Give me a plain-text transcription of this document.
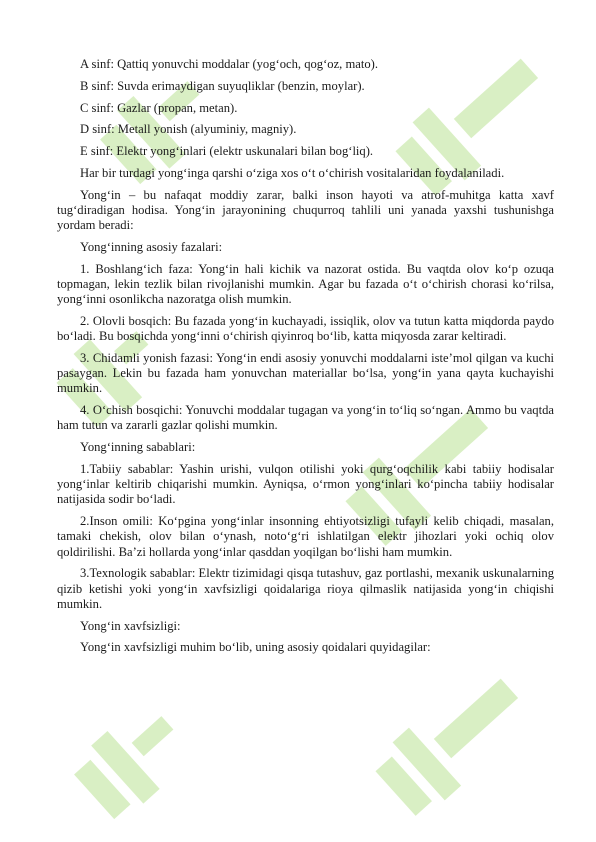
A sinf: Qattiq yonuvchi moddalar (yog‘och, qog‘oz, mato).

B sinf: Suvda erimaydigan suyuqliklar (benzin, moylar).

C sinf: Gazlar (propan, metan).

D sinf: Metall yonish (alyuminiy, magniy).

E sinf: Elektr yong‘inlari (elektr uskunalari bilan bog‘liq).

Har bir turdagi yong‘inga qarshi o‘ziga xos o‘t o‘chirish vositalaridan foydalaniladi.

Yong‘in – bu nafaqat moddiy zarar, balki inson hayoti va atrof-muhitga katta xavf tug‘diradigan hodisa. Yong‘in jarayonining chuqurroq tahlili uni yanada yaxshi tushunishga yordam beradi:

Yong‘inning asosiy fazalari:

1. Boshlang‘ich faza: Yong‘in hali kichik va nazorat ostida. Bu vaqtda olov ko‘p ozuqa topmagan, lekin tezlik bilan rivojlanishi mumkin. Agar bu fazada o‘t o‘chirish chorasi ko‘rilsa, yong‘inni osonlikcha nazoratga olish mumkin.

2. Olovli bosqich: Bu fazada yong‘in kuchayadi, issiqlik, olov va tutun katta miqdorda paydo bo‘ladi. Bu bosqichda yong‘inni o‘chirish qiyinroq bo‘lib, katta miqyosda zarar keltiradi.

3. Chidamli yonish fazasi: Yong‘in endi asosiy yonuvchi moddalarni iste’mol qilgan va kuchi pasaygan. Lekin bu fazada ham yonuvchan materiallar bo‘lsa, yong‘in yana qayta kuchayishi mumkin.

4. O‘chish bosqichi: Yonuvchi moddalar tugagan va yong‘in to‘liq so‘ngan. Ammo bu vaqtda ham tutun va zararli gazlar qolishi mumkin.

Yong‘inning sabablari:

1.Tabiiy sabablar: Yashin urishi, vulqon otilishi yoki qurg‘oqchilik kabi tabiiy hodisalar yong‘inlar keltirib chiqarishi mumkin. Ayniqsa, o‘rmon yong‘inlari ko‘pincha tabiiy hodisalar natijasida sodir bo‘ladi.

2.Inson omili: Ko‘pgina yong‘inlar insonning ehtiyotsizligi tufayli kelib chiqadi, masalan, tamaki chekish, olov bilan o‘ynash, noto‘g‘ri ishlatilgan elektr jihozlari yoki ochiq olov qoldirilishi. Ba’zi hollarda yong‘inlar qasddan yoqilgan bo‘lishi ham mumkin.

3.Texnologik sabablar: Elektr tizimidagi qisqa tutashuv, gaz portlashi, mexanik uskunalarning qizib ketishi yoki yong‘in xavfsizligi qoidalariga rioya qilmaslik natijasida yong‘in chiqishi mumkin.

Yong‘in xavfsizligi:

Yong‘in xavfsizligi muhim bo‘lib, uning asosiy qoidalari quyidagilar:
